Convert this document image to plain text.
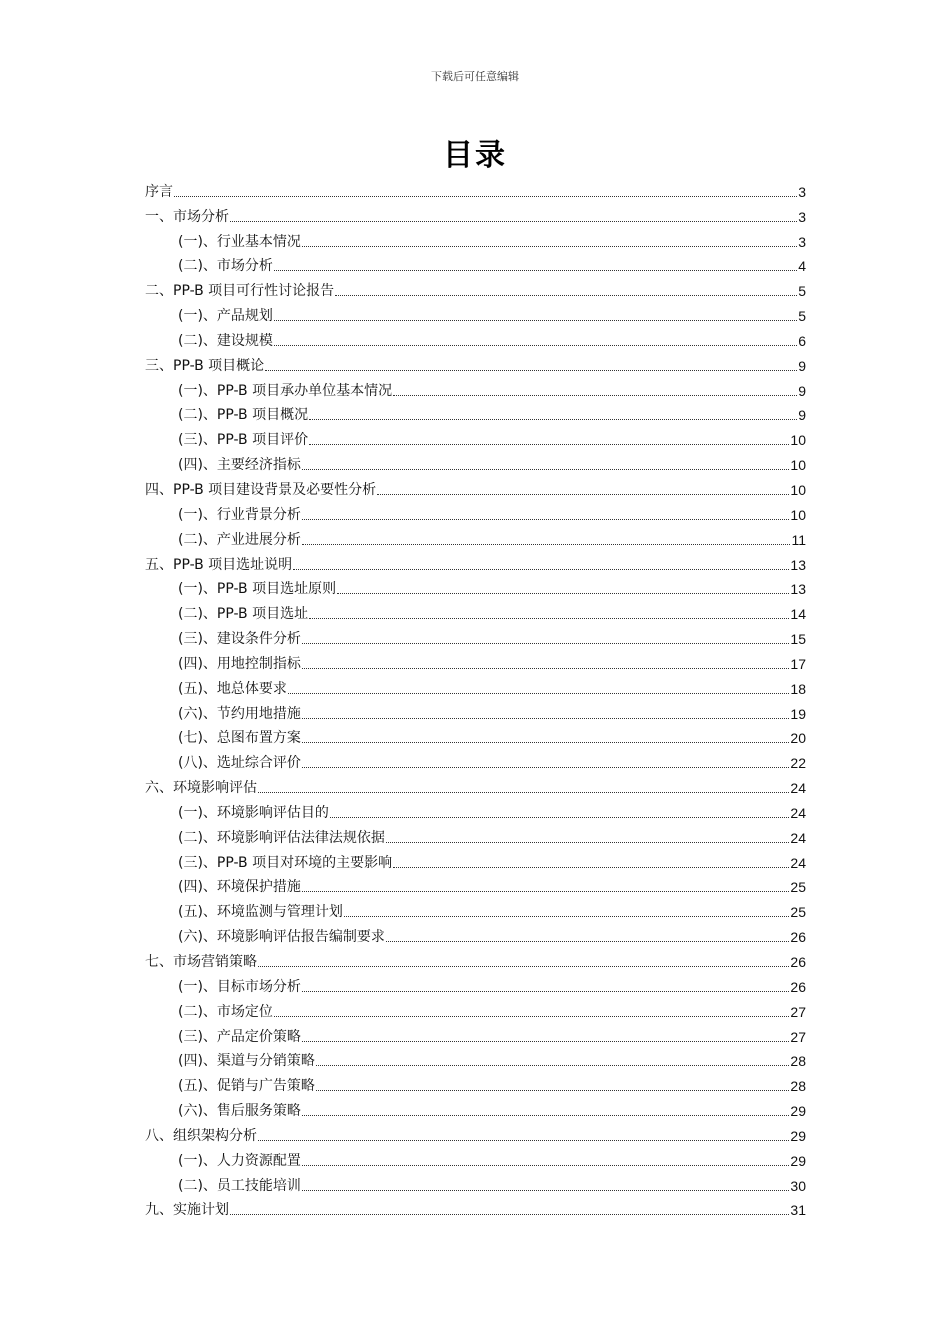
下载后可任意编辑
目录
序言	3
一、市场分析	3
(一)、行业基本情况	3
(二)、市场分析	4
二、PP-B 项目可行性讨论报告	5
(一)、产品规划	5
(二)、建设规模	6
三、PP-B 项目概论	9
(一)、PP-B 项目承办单位基本情况	9
(二)、PP-B 项目概况	9
(三)、PP-B 项目评价	10
(四)、主要经济指标	10
四、PP-B 项目建设背景及必要性分析	10
(一)、行业背景分析	10
(二)、产业进展分析	11
五、PP-B 项目选址说明	13
(一)、PP-B 项目选址原则	13
(二)、PP-B 项目选址	14
(三)、建设条件分析	15
(四)、用地控制指标	17
(五)、地总体要求	18
(六)、节约用地措施	19
(七)、总图布置方案	20
(八)、选址综合评价	22
六、环境影响评估	24
(一)、环境影响评估目的	24
(二)、环境影响评估法律法规依据	24
(三)、PP-B 项目对环境的主要影响	24
(四)、环境保护措施	25
(五)、环境监测与管理计划	25
(六)、环境影响评估报告编制要求	26
七、市场营销策略	26
(一)、目标市场分析	26
(二)、市场定位	27
(三)、产品定价策略	27
(四)、渠道与分销策略	28
(五)、促销与广告策略	28
(六)、售后服务策略	29
八、组织架构分析	29
(一)、人力资源配置	29
(二)、员工技能培训	30
九、实施计划	31
